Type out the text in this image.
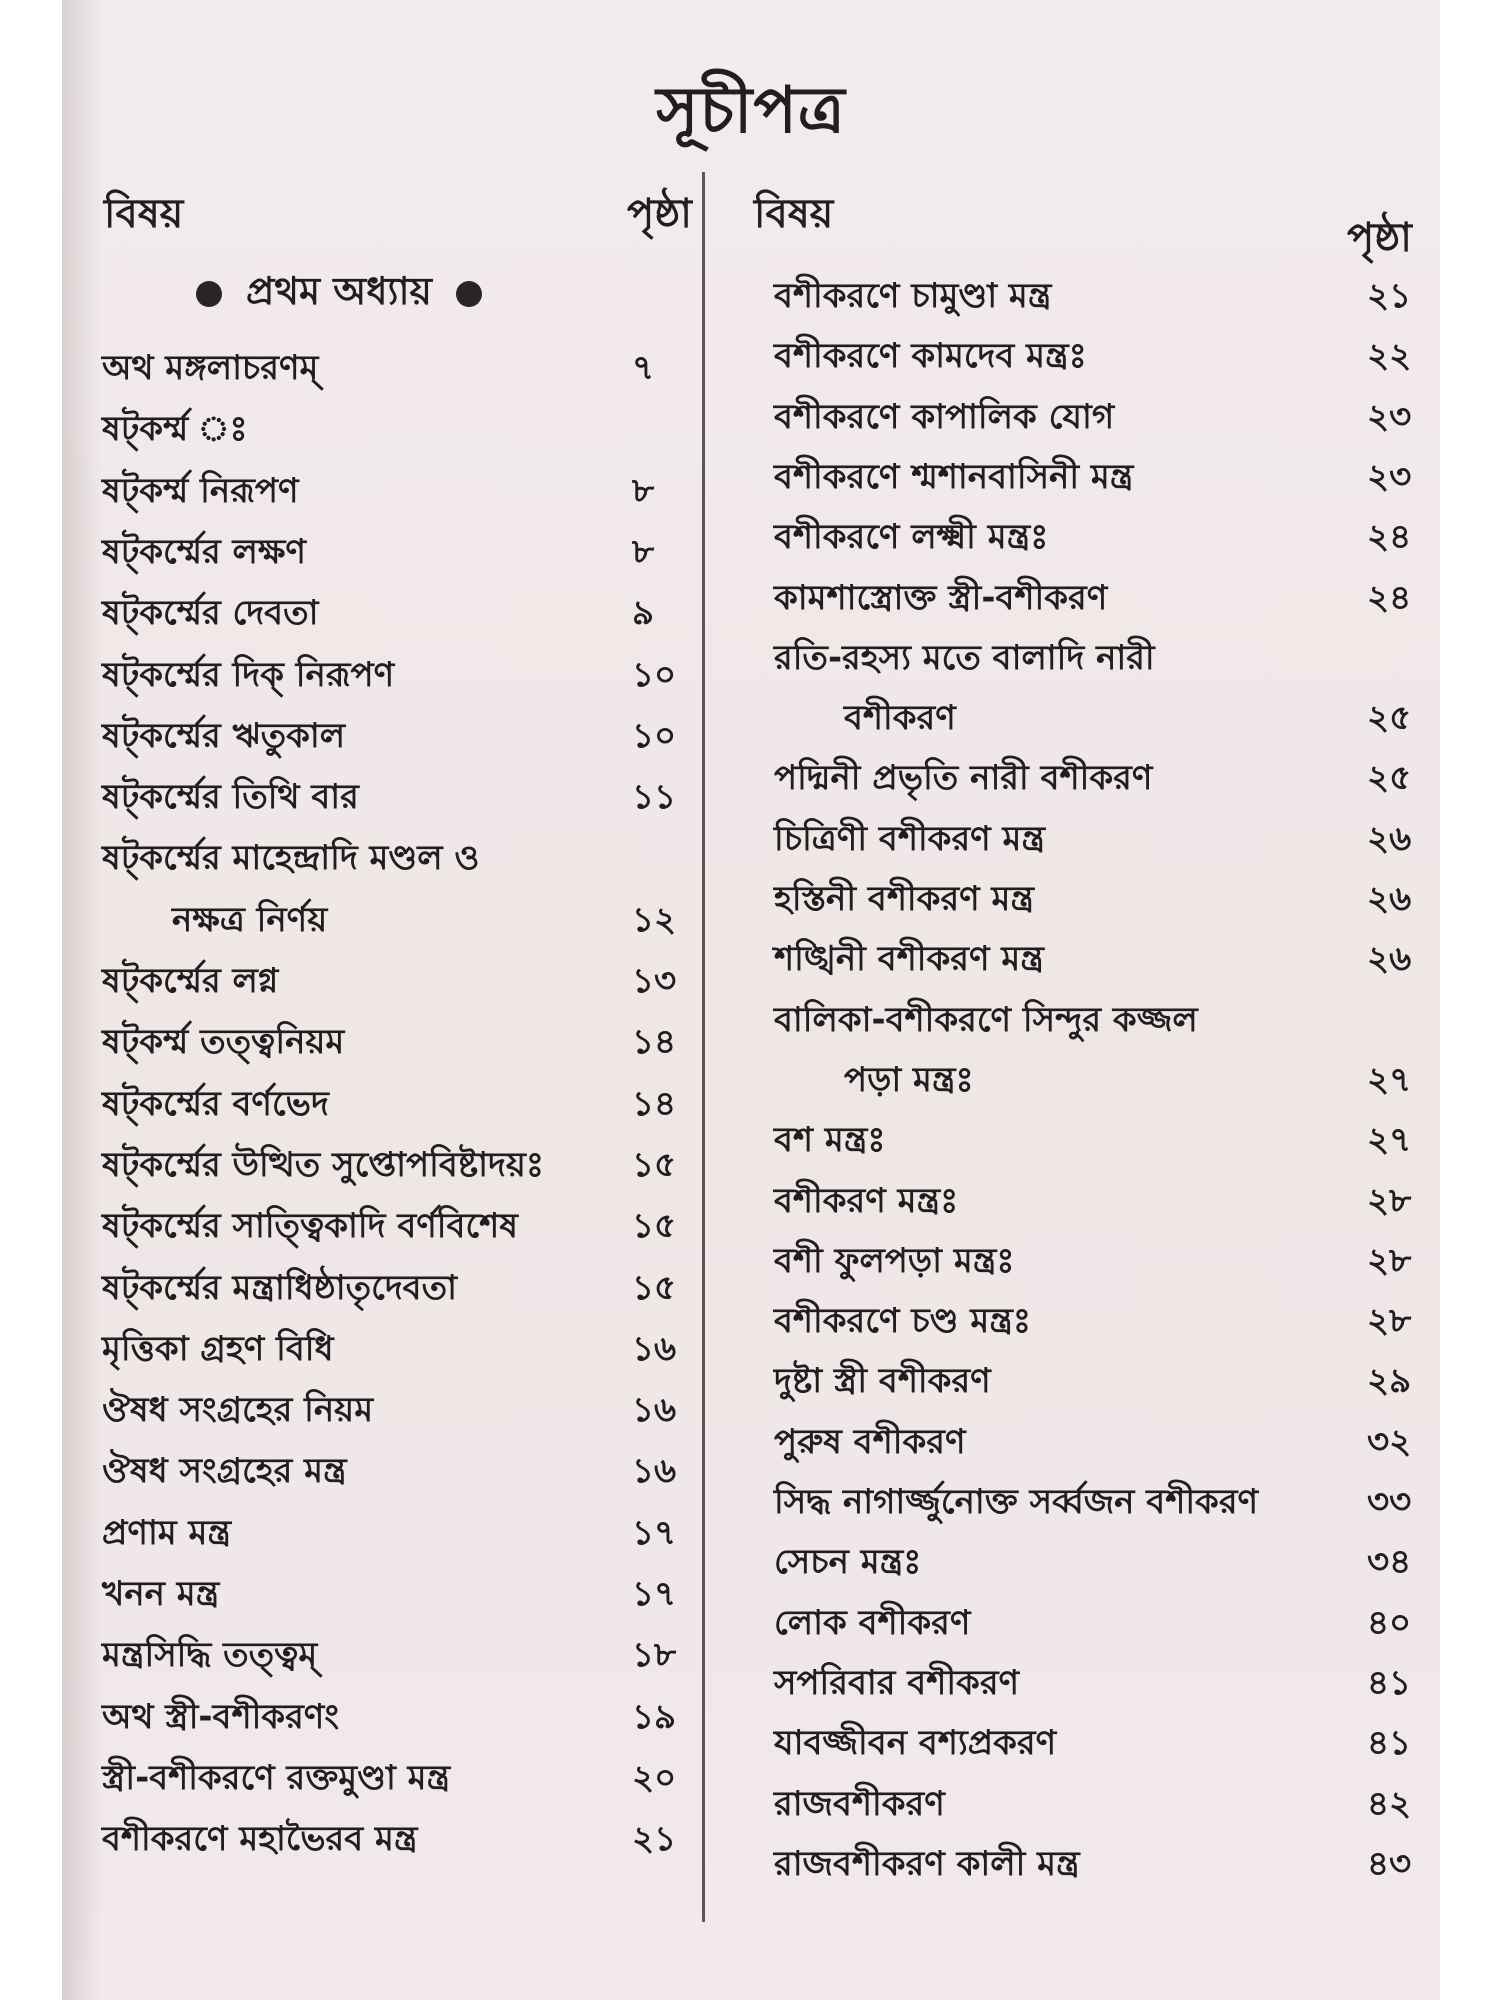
সূচীপত্র
বিষয়	পৃষ্ঠা
প্রথম অধ্যায়
অথ মঙ্গলাচরণম্	৭
ষট্‌কর্ম্ম ঃ
ষট্‌কর্ম্ম নিরূপণ	৮
ষট্‌কর্ম্মের লক্ষণ	৮
ষট্‌কর্ম্মের দেবতা	৯
ষট্‌কর্ম্মের দিক্ নিরূপণ	১০
ষট্‌কর্ম্মের ঋতুকাল	১০
ষট্‌কর্ম্মের তিথি বার	১১
ষট্‌কর্ম্মের মাহেন্দ্রাদি মণ্ডল ও
নক্ষত্র নির্ণয়	১২
ষট্‌কর্ম্মের লগ্ন	১৩
ষট্‌কর্ম্ম তত্ত্বনিয়ম	১৪
ষট্‌কর্ম্মের বর্ণভেদ	১৪
ষট্‌কর্ম্মের উত্থিত সুপ্তোপবিষ্টাদয়ঃ	১৫
ষট্‌কর্ম্মের সাত্ত্বিকাদি বর্ণবিশেষ	১৫
ষট্‌কর্ম্মের মন্ত্রাধিষ্ঠাতৃদেবতা	১৫
মৃত্তিকা গ্রহণ বিধি	১৬
ঔষধ সংগ্রহের নিয়ম	১৬
ঔষধ সংগ্রহের মন্ত্র	১৬
প্রণাম মন্ত্র	১৭
খনন মন্ত্র	১৭
মন্ত্রসিদ্ধি তত্ত্বম্	১৮
অথ স্ত্রী-বশীকরণং	১৯
স্ত্রী-বশীকরণে রক্তমুণ্ডা মন্ত্র	২০
বশীকরণে মহাভৈরব মন্ত্র	২১
বিষয়
পৃষ্ঠা
বশীকরণে চামুণ্ডা মন্ত্র	২১
বশীকরণে কামদেব মন্ত্রঃ	২২
বশীকরণে কাপালিক যোগ	২৩
বশীকরণে শ্মশানবাসিনী মন্ত্র	২৩
বশীকরণে লক্ষ্মী মন্ত্রঃ	২৪
কামশাস্ত্রোক্ত স্ত্রী-বশীকরণ	২৪
রতি-রহস্য মতে বালাদি নারী
বশীকরণ	২৫
পদ্মিনী প্রভৃতি নারী বশীকরণ	২৫
চিত্রিণী বশীকরণ মন্ত্র	২৬
হস্তিনী বশীকরণ মন্ত্র	২৬
শঙ্খিনী বশীকরণ মন্ত্র	২৬
বালিকা-বশীকরণে সিন্দুর কজ্জল
পড়া মন্ত্রঃ	২৭
বশ মন্ত্রঃ	২৭
বশীকরণ মন্ত্রঃ	২৮
বশী ফুলপড়া মন্ত্রঃ	২৮
বশীকরণে চণ্ড মন্ত্রঃ	২৮
দুষ্টা স্ত্রী বশীকরণ	২৯
পুরুষ বশীকরণ	৩২
সিদ্ধ নাগার্জ্জুনোক্ত সর্ব্বজন বশীকরণ	৩৩
সেচন মন্ত্রঃ	৩৪
লোক বশীকরণ	৪০
সপরিবার বশীকরণ	৪১
যাবজ্জীবন বশ্যপ্রকরণ	৪১
রাজবশীকরণ	৪২
রাজবশীকরণ কালী মন্ত্র	৪৩
